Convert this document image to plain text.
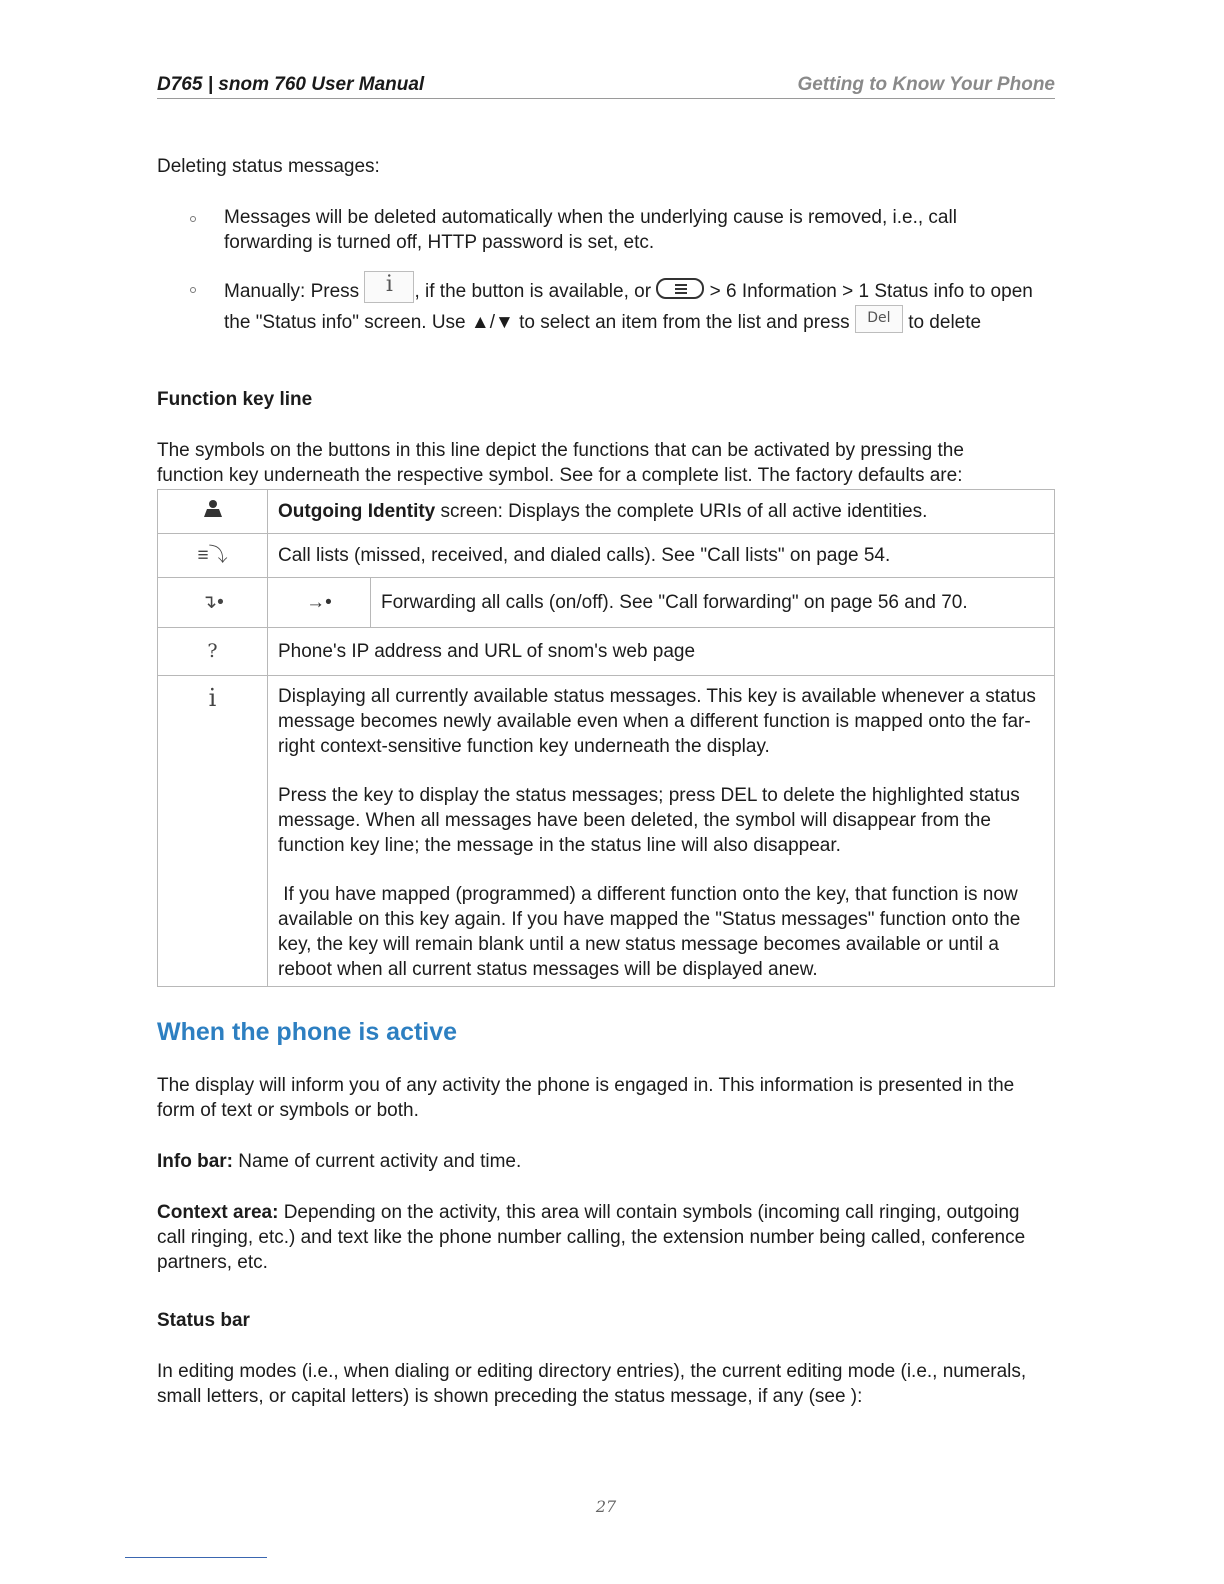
D765 | snom 760 User Manual	Getting to Know Your Phone
Deleting status messages:
Messages will be deleted automatically when the underlying cause is removed, i.e., call forwarding is turned off, HTTP password is set, etc.
Manually: Press i , if the button is available, or	> 6 Information > 1 Status info to open the "Status info" screen. Use ▲/▼ to select an item from the list and press Del to delete
Function key line
The symbols on the buttons in this line depict the functions that can be activated by pressing the function key underneath the respective symbol. See for a complete list. The factory defaults are:
	Outgoing Identity screen: Displays the complete URIs of all active identities.	
≡⤵	Call lists (missed, received, and dialed calls). See "Call lists" on page 54.	
↴•	→•	Forwarding all calls (on/off). See "Call forwarding" on page 56 and 70.
?	Phone's IP address and URL of snom's web page	
i	Displaying all currently available status messages. This key is available whenever a status message becomes newly available even when a different function is mapped onto the far-right context-sensitive function key underneath the display.

Press the key to display the status messages; press DEL to delete the highlighted status message. When all messages have been deleted, the symbol will disappear from the function key line; the message in the status line will also disappear.

If you have mapped (programmed) a different function onto the key, that function is now available on this key again. If you have mapped the "Status messages" function onto the key, the key will remain blank until a new status message becomes available or until a reboot when all current status messages will be displayed anew.	

When the phone is active
The display will inform you of any activity the phone is engaged in. This information is presented in the form of text or symbols or both.
Info bar: Name of current activity and time.
Context area: Depending on the activity, this area will contain symbols (incoming call ringing, outgoing call ringing, etc.) and text like the phone number calling, the extension number being called, conference partners, etc.
Status bar
In editing modes (i.e., when dialing or editing directory entries), the current editing mode (i.e., numerals, small letters, or capital letters) is shown preceding the status message, if any (see ):
27
